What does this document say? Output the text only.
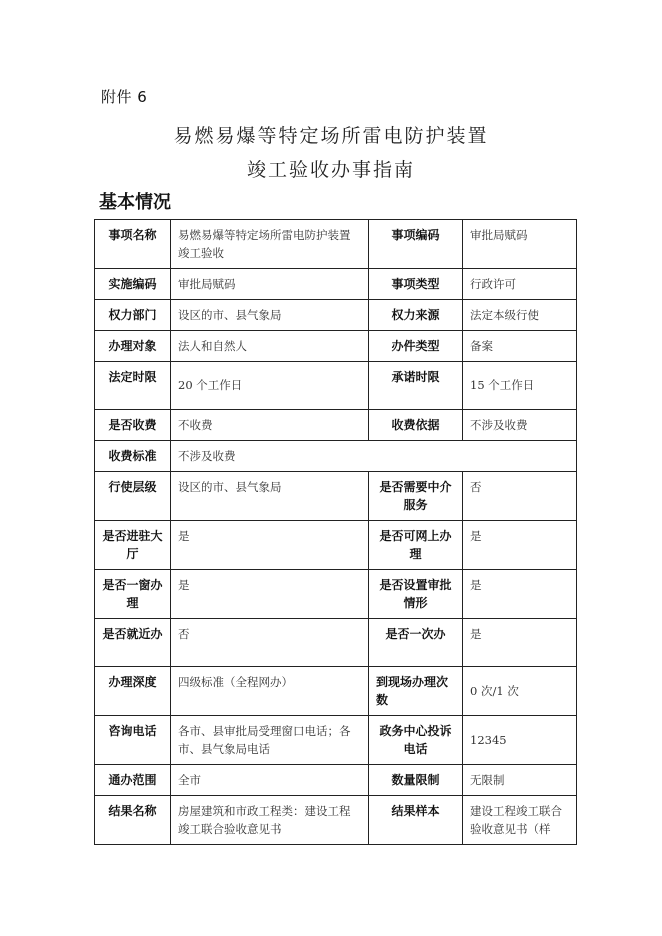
附件 6
易燃易爆等特定场所雷电防护装置
竣工验收办事指南
基本情况
事项名称	易燃易爆等特定场所雷电防护装置竣工验收	事项编码	审批局赋码
实施编码	审批局赋码	事项类型	行政许可
权力部门	设区的市、县气象局	权力来源	法定本级行使
办理对象	法人和自然人	办件类型	备案
法定时限	20 个工作日	承诺时限	15 个工作日
是否收费	不收费	收费依据	不涉及收费
收费标准	不涉及收费		
行使层级	设区的市、县气象局	是否需要中介服务	否
是否进驻大厅	是	是否可网上办理	是
是否一窗办理	是	是否设置审批情形	是
是否就近办	否	是否一次办	是
办理深度	四级标准（全程网办）	到现场办理次数	0 次/1 次
咨询电话	各市、县审批局受理窗口电话；各市、县气象局电话	政务中心投诉电话	12345
通办范围	全市	数量限制	无限制
结果名称	房屋建筑和市政工程类：建设工程竣工联合验收意见书	结果样本	建设工程竣工联合验收意见书（样
